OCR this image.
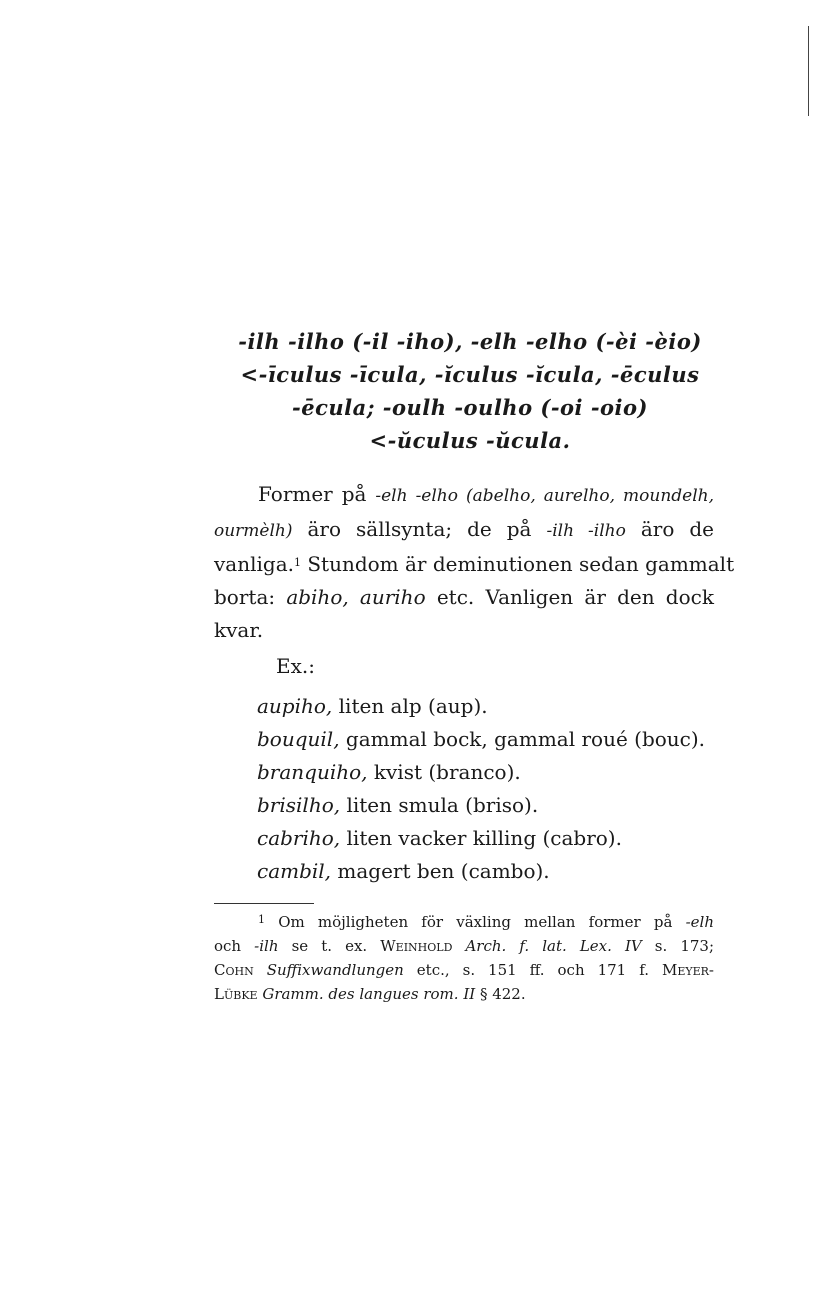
-ilh -ilho (-il -iho), -elh -elho (-èi -èio)
<-īculus -īcula, -ĭculus -ĭcula, -ēculus
-ēcula; -oulh -oulho (-oi -oio)
<-ŭculus -ŭcula.
Former på -elh -elho (abelho, aurelho, moundelh,
ourmèlh) äro sällsynta; de på -ilh -ilho äro de
vanliga.$^1$ Stundom är deminutionen sedan gammalt
borta: abiho, auriho etc. Vanligen är den dock
kvar.
Ex.:
aupiho, liten alp (aup).
bouquil, gammal bock, gammal roué (bouc).
branquiho, kvist (branco).
brisilho, liten smula (briso).
cabriho, liten vacker killing (cabro).
cambil, magert ben (cambo).
$^1$ Om möjligheten för växling mellan former på -elh
och -ilh se t. ex. Weinhold Arch. f. lat. Lex. IV s. 173;
Cohn Suffixwandlungen etc., s. 151 ff. och 171 f. Meyer-
Lübke Gramm. des langues rom. II § 422.
